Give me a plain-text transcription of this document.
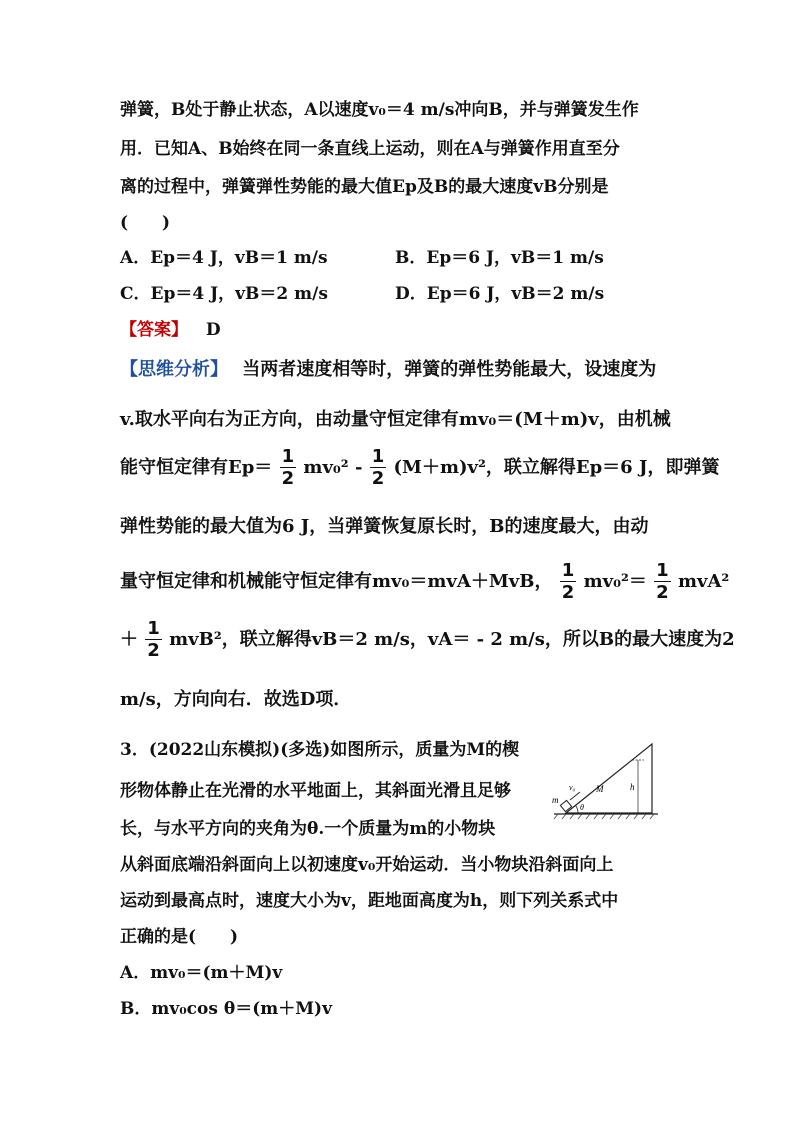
弹簧，B处于静止状态，A以速度v₀＝4 m/s冲向B，并与弹簧发生作
用．已知A、B始终在同一条直线上运动，则在A与弹簧作用直至分
离的过程中，弹簧弹性势能的最大值Ep及B的最大速度vB分别是
(　　)
A．Ep＝4 J，vB＝1 m/s	B．Ep＝6 J，vB＝1 m/s
C．Ep＝4 J，vB＝2 m/s	D．Ep＝6 J，vB＝2 m/s
【答案】 D
【思维分析】 当两者速度相等时，弹簧的弹性势能最大，设速度为
v.取水平向右为正方向，由动量守恒定律有mv₀＝(M＋m)v，由机械
能守恒定律有$Ep= \frac{1}{2} mv_0^2 - \frac{1}{2} (M+m)v^2$，联立解得Ep＝6 J，即弹簧
弹性势能的最大值为6 J，当弹簧恢复原长时，B的速度最大，由动
量守恒定律和机械能守恒定律有mv₀＝mvA＋MvB， $\frac{1}{2} mv_0^2= \frac{1}{2} mvA^2$
＋ $\frac{1}{2} mvB^2$，联立解得vB＝2 m/s，vA＝ - 2 m/s，所以B的最大速度为2
m/s，方向向右．故选D项．
3．(2022山东模拟)(多选)如图所示，质量为M的楔
形物体静止在光滑的水平地面上，其斜面光滑且足够
长，与水平方向的夹角为θ.一个质量为m的小物块
从斜面底端沿斜面向上以初速度v₀开始运动．当小物块沿斜面向上
运动到最高点时，速度大小为v，距地面高度为h，则下列关系式中
正确的是(　　)
A．mv₀＝(m＋M)v
B．mv₀cos θ＝(m＋M)v
m
v₀ M	h
θ
